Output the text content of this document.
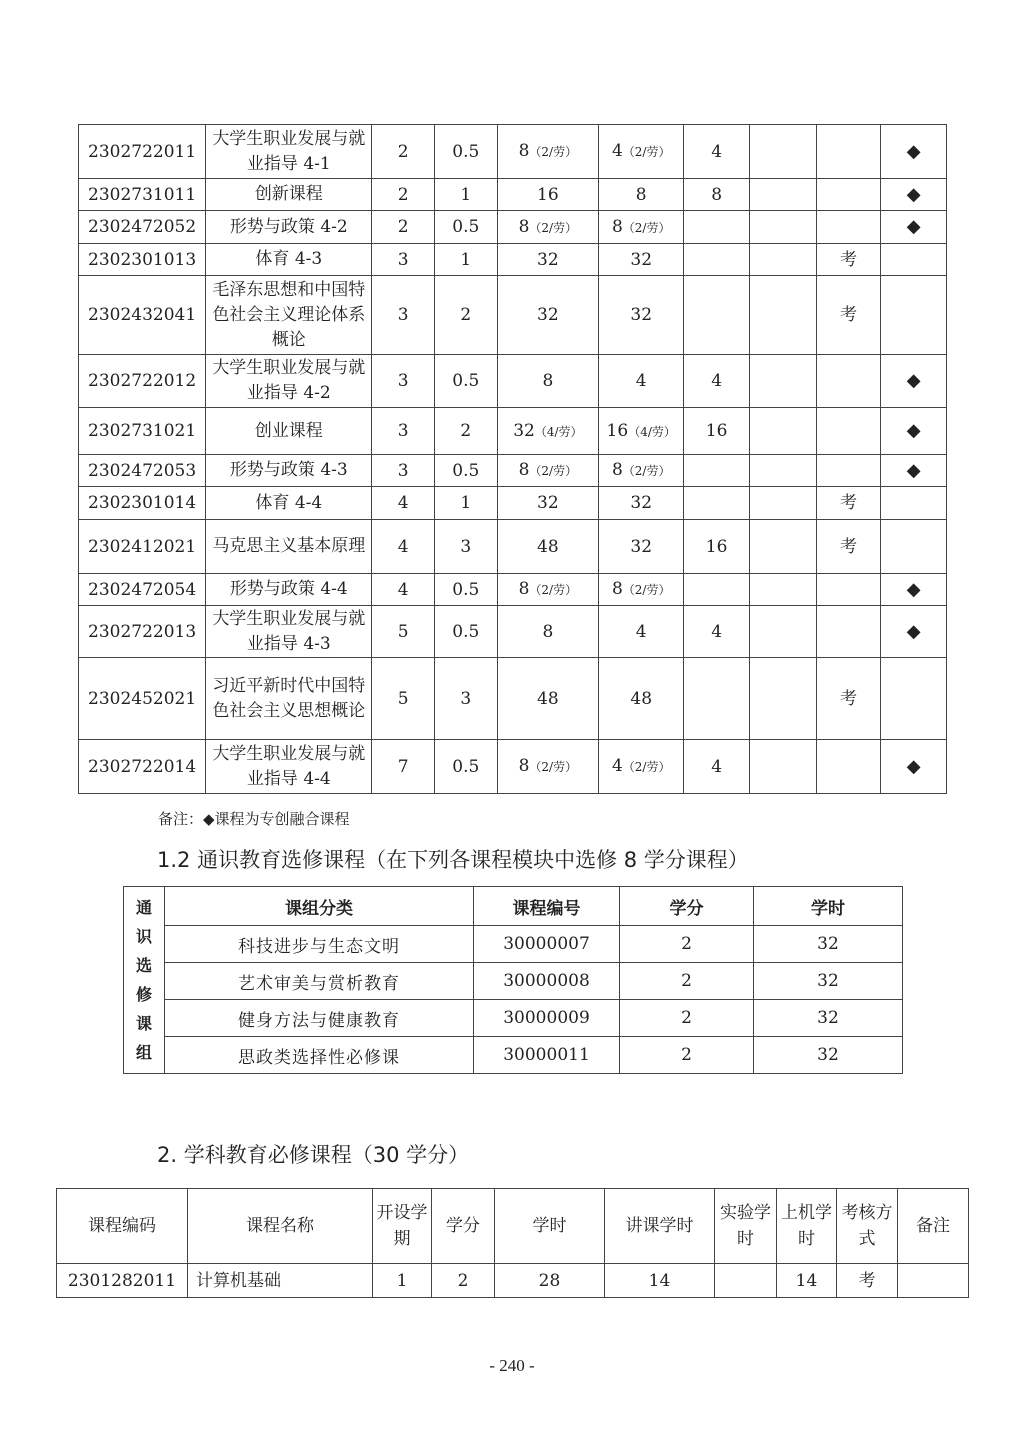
2302722011	大学生职业发展与就业指导 4-1	2	0.5	8（2/劳）	4（2/劳）	4			◆
2302731011	创新课程	2	1	16	8	8			◆
2302472052	形势与政策 4-2	2	0.5	8（2/劳）	8（2/劳）				◆
2302301013	体育 4-3	3	1	32	32			考	
2302432041	毛泽东思想和中国特色社会主义理论体系概论	3	2	32	32			考	
2302722012	大学生职业发展与就业指导 4-2	3	0.5	8	4	4			◆
2302731021	创业课程	3	2	32（4/劳）	16（4/劳）	16			◆
2302472053	形势与政策 4-3	3	0.5	8（2/劳）	8（2/劳）				◆
2302301014	体育 4-4	4	1	32	32			考	
2302412021	马克思主义基本原理	4	3	48	32	16		考	
2302472054	形势与政策 4-4	4	0.5	8（2/劳）	8（2/劳）				◆
2302722013	大学生职业发展与就业指导 4-3	5	0.5	8	4	4			◆
2302452021	习近平新时代中国特色社会主义思想概论	5	3	48	48			考	
2302722014	大学生职业发展与就业指导 4-4	7	0.5	8（2/劳）	4（2/劳）	4			◆
备注：◆课程为专创融合课程
1.2 通识教育选修课程（在下列各课程模块中选修 8 学分课程）
通识选修课组	课组分类	课程编号	学分	学时
	科技进步与生态文明	30000007	2	32
	艺术审美与赏析教育	30000008	2	32
	健身方法与健康教育	30000009	2	32
	思政类选择性必修课	30000011	2	32
2. 学科教育必修课程（30 学分）
课程编码	课程名称	开设学期	学分	学时	讲课学时	实验学时	上机学时	考核方式	备注
2301282011	计算机基础	1	2	28	14		14	考	
- 240 -
